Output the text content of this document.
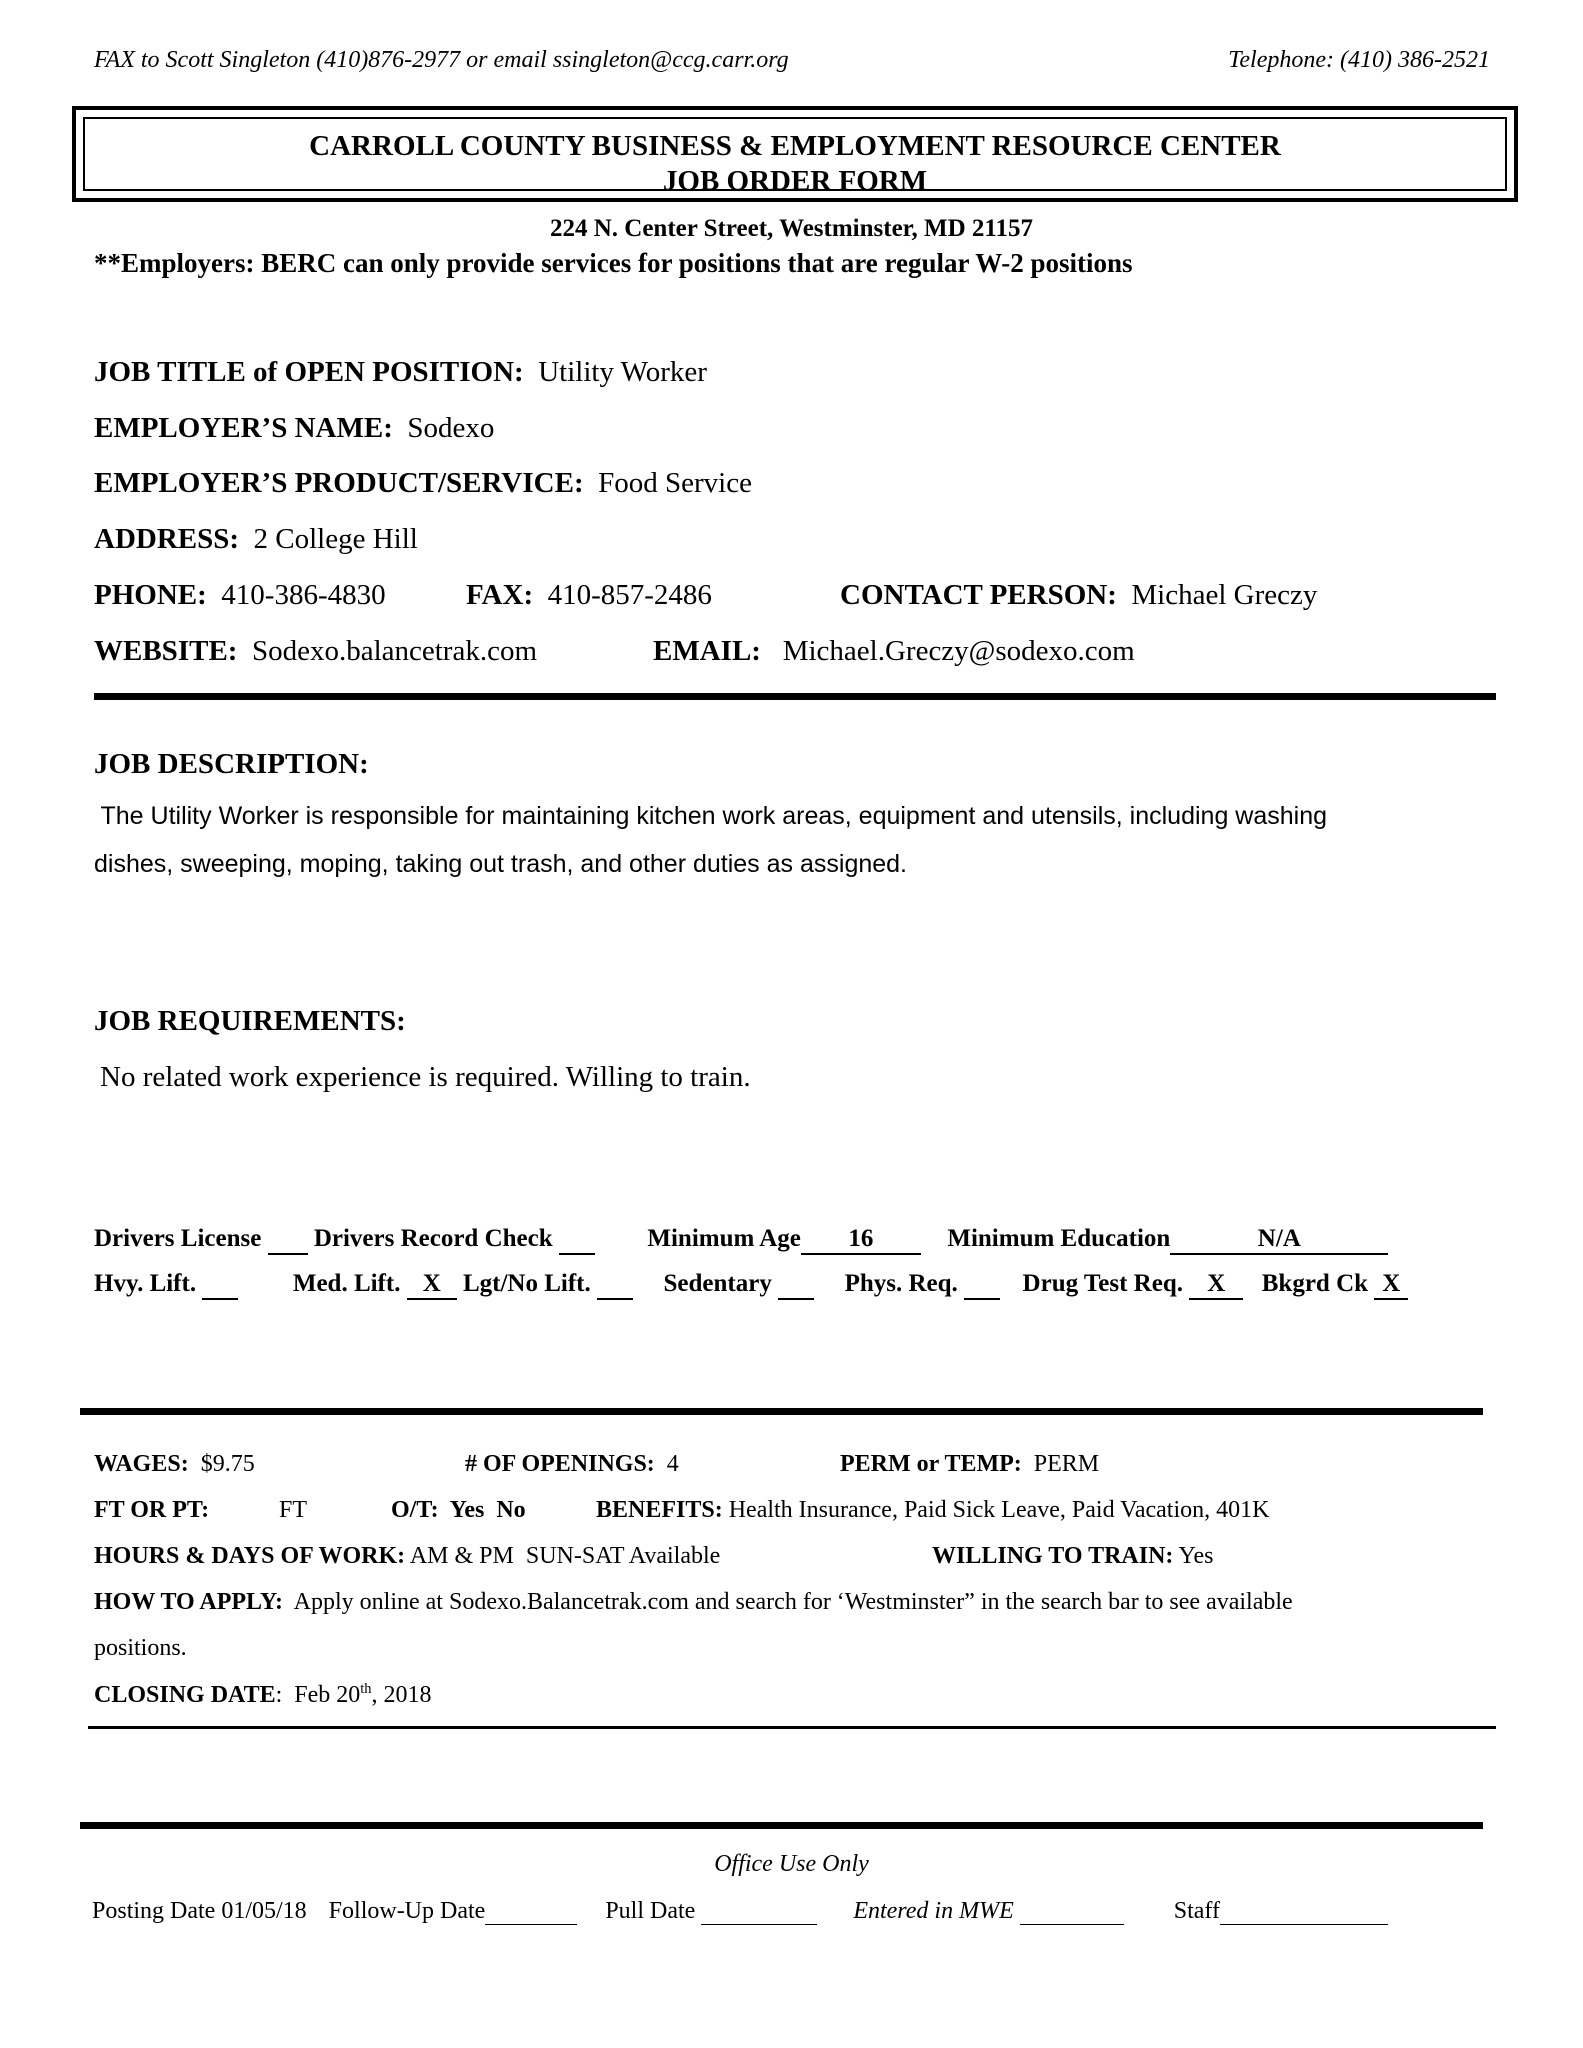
FAX to Scott Singleton (410)876-2977 or email ssingleton@ccg.carr.org	Telephone: (410) 386-2521
CARROLL COUNTY BUSINESS & EMPLOYMENT RESOURCE CENTER
JOB ORDER FORM
224 N. Center Street, Westminster, MD 21157
**Employers: BERC can only provide services for positions that are regular W-2 positions
JOB TITLE of OPEN POSITION: Utility Worker
EMPLOYER’S NAME: Sodexo
EMPLOYER’S PRODUCT/SERVICE: Food Service
ADDRESS: 2 College Hill
PHONE: 410-386-4830	FAX: 410-857-2486	CONTACT PERSON: Michael Greczy
WEBSITE: Sodexo.balancetrak.com	EMAIL: Michael.Greczy@sodexo.com
JOB DESCRIPTION:
The Utility Worker is responsible for maintaining kitchen work areas, equipment and utensils, including washing
dishes, sweeping, moping, taking out trash, and other duties as assigned.
JOB REQUIREMENTS:
No related work experience is required. Willing to train.
Drivers License Drivers Record Check	Minimum Age 16	Minimum Education	N/A
Hvy. Lift.	Med. Lift. X Lgt/No Lift.	Sedentary	Phys. Req.	Drug Test Req. X Bkgrd Ck X
WAGES: $9.75	# OF OPENINGS: 4	PERM or TEMP: PERM
FT OR PT:	FT	O/T: Yes No	BENEFITS: Health Insurance, Paid Sick Leave, Paid Vacation, 401K
HOURS & DAYS OF WORK: AM & PM  SUN-SAT Available	WILLING TO TRAIN: Yes
HOW TO APPLY: Apply online at Sodexo.Balancetrak.com and search for ‘Westminster” in the search bar to see available
positions.
CLOSING DATE:  Feb 20th, 2018
Office Use Only
Posting Date 01/05/18 Follow-Up Date	Pull Date	Entered in MWE	Staff
